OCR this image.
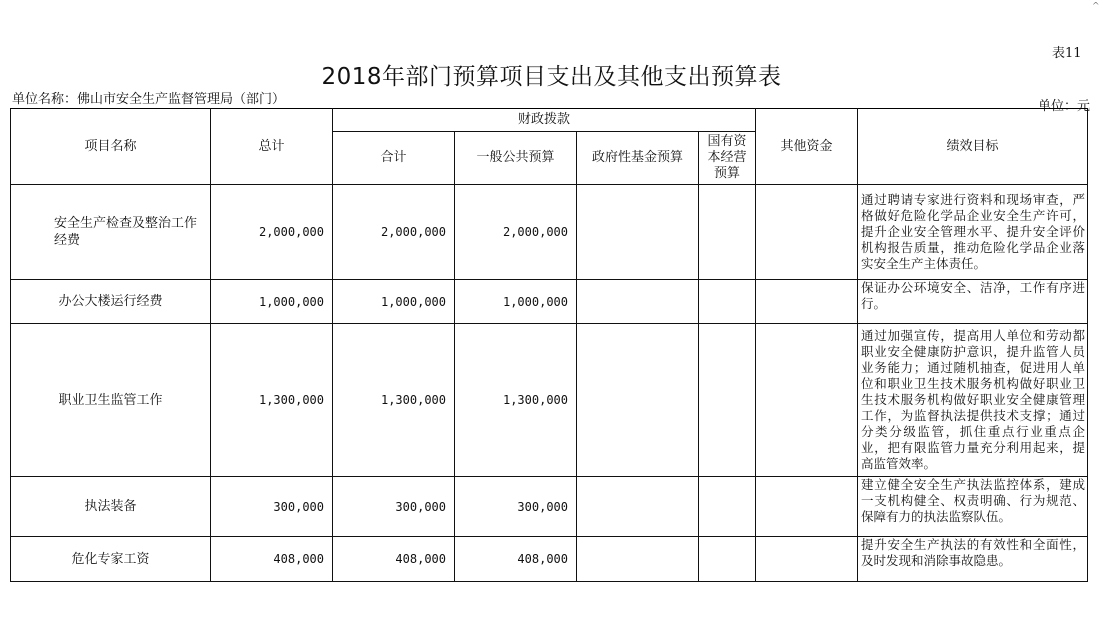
^
表11
2018年部门预算项目支出及其他支出预算表
单位名称：佛山市安全生产监督管理局（部门）	单位：元
项目名称	总计	财政拨款				其他资金	绩效目标
		合计	一般公共预算	政府性基金预算	国有资本经营预算		

安全生产检查及整治工作经费	2,000,000	2,000,000	2,000,000				通过聘请专家进行资料和现场审查，严格做好危险化学品企业安全生产许可，提升企业安全管理水平、提升安全评价机构报告质量，推动危险化学品企业落实安全生产主体责任。
办公大楼运行经费	1,000,000	1,000,000	1,000,000				保证办公环境安全、洁净，工作有序进行。
职业卫生监管工作	1,300,000	1,300,000	1,300,000				通过加强宣传，提高用人单位和劳动都职业安全健康防护意识，提升监管人员业务能力；通过随机抽查，促进用人单位和职业卫生技术服务机构做好职业卫生技术服务机构做好职业安全健康管理工作，为监督执法提供技术支撑；通过分类分级监管，抓住重点行业重点企业，把有限监管力量充分利用起来，提高监管效率。
执法装备	300,000	300,000	300,000				建立健全安全生产执法监控体系，建成一支机构健全、权责明确、行为规范、保障有力的执法监察队伍。
危化专家工资	408,000	408,000	408,000				提升安全生产执法的有效性和全面性，及时发现和消除事故隐患。
